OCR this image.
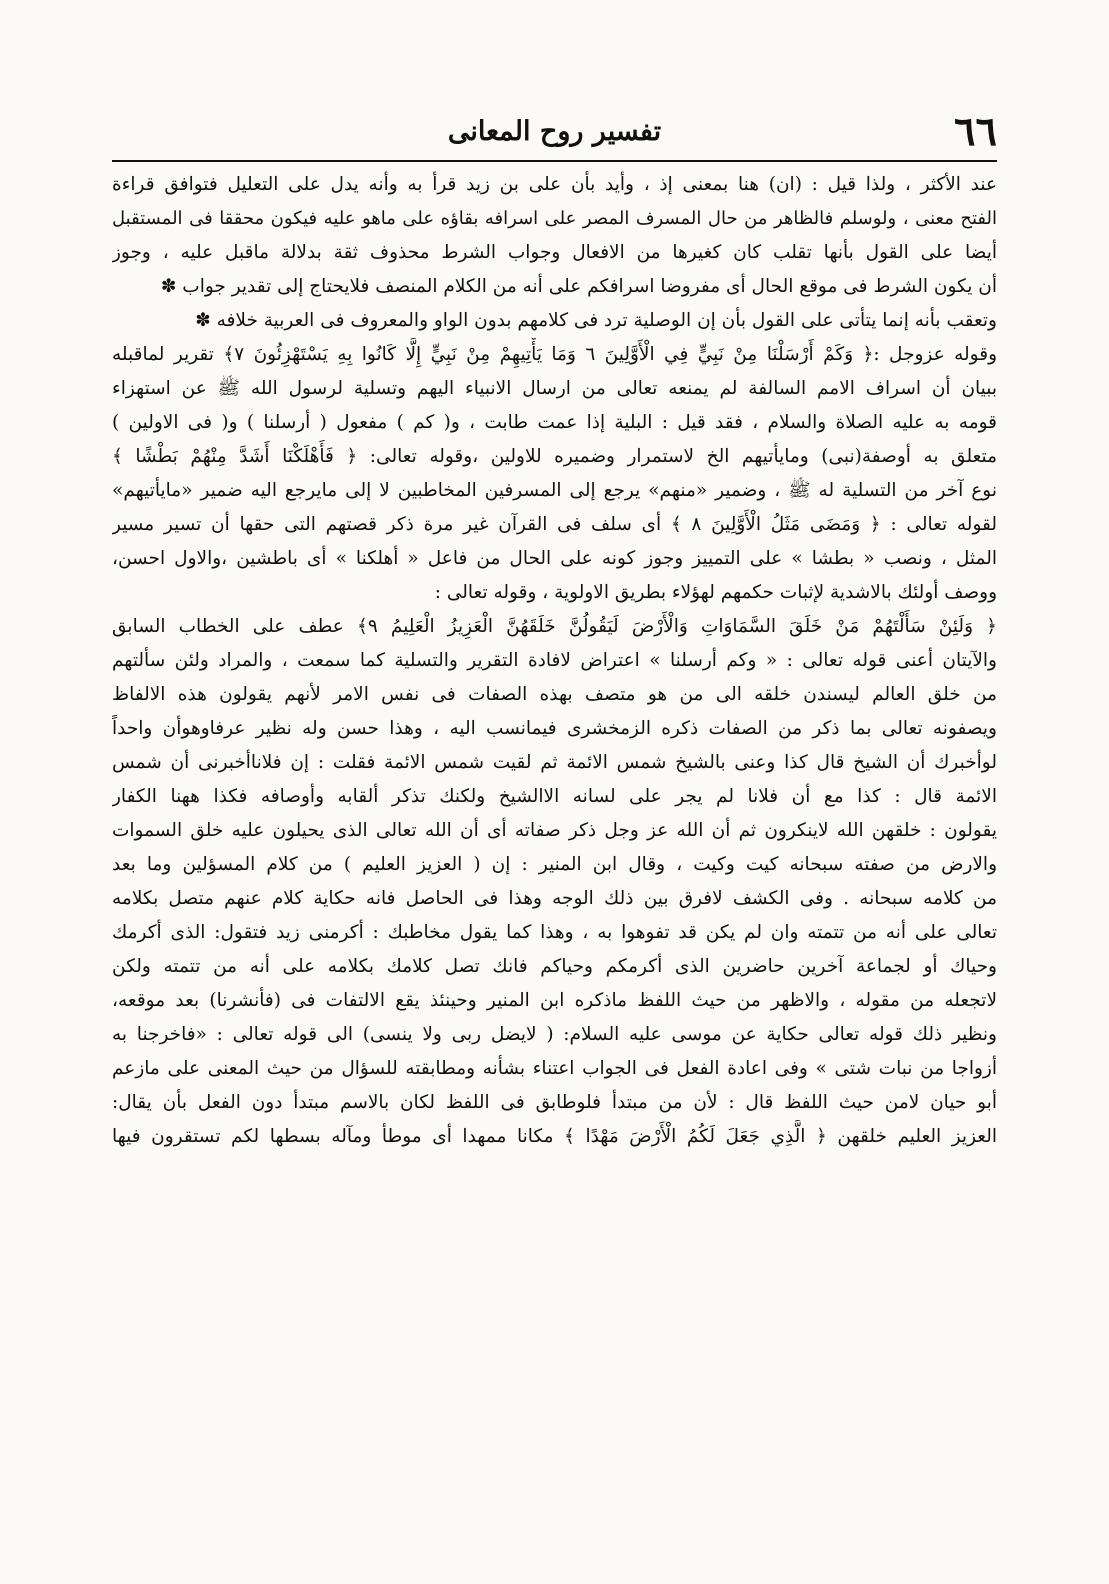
٦٦
تفسير روح المعانى
عند الأكثر ، ولذا قيل : (ان) هنا بمعنى إذ ، وأيد بأن على بن زيد قرأ به وأنه يدل على التعليل فتوافق قراءة
الفتح معنى ، ولوسلم فالظاهر من حال المسرف المصر على اسرافه بقاؤه على ماهو عليه فيكون محققا فى المستقبل
أيضا على القول بأنها تقلب كان كغيرها من الافعال وجواب الشرط محذوف ثقة بدلالة ماقبل عليه ، وجوز
أن يكون الشرط فى موقع الحال أى مفروضا اسرافكم على أنه من الكلام المنصف فلايحتاج إلى تقدير جواب ✽
وتعقب بأنه إنما يتأتى على القول بأن إن الوصلية ترد فى كلامهم بدون الواو والمعروف فى العربية خلافه ✽
وقوله عزوجل :﴿ وَكَمْ أَرْسَلْنَا مِنْ نَبِيٍّ فِي الْأَوَّلِينَ ٦ وَمَا يَأْتِيهِمْ مِنْ نَبِيٍّ إِلَّا كَانُوا بِهِ يَسْتَهْزِئُونَ ٧﴾ تقرير لماقبله
ببيان أن اسراف الامم السالفة لم يمنعه تعالى من ارسال الانبياء اليهم وتسلية لرسول الله ﷺ عن استهزاء
قومه به عليه الصلاة والسلام ، فقد قيل : البلية إذا عمت طابت ، و( كم ) مفعول ( أرسلنا ) و( فى الاولين )
متعلق به أوصفة(نبى) ومايأتيهم الخ لاستمرار وضميره للاولين ،وقوله تعالى: ﴿ فَأَهْلَكْنَا أَشَدَّ مِنْهُمْ بَطْشًا ﴾
نوع آخر من التسلية له ﷺ ، وضمير «منهم» يرجع إلى المسرفين المخاطبين لا إلى مايرجع اليه ضمير «مايأتيهم»
لقوله تعالى : ﴿ وَمَضَى مَثَلُ الْأَوَّلِينَ ٨ ﴾ أى سلف فى القرآن غير مرة ذكر قصتهم التى حقها أن تسير مسير
المثل ، ونصب « بطشا » على التمييز وجوز كونه على الحال من فاعل « أهلكنا » أى باطشين ،والاول احسن،
ووصف أولئك بالاشدية لإثبات حكمهم لهؤلاء بطريق الاولوية ، وقوله تعالى :
﴿ وَلَئِنْ سَأَلْتَهُمْ مَنْ خَلَقَ السَّمَاوَاتِ وَالْأَرْضَ لَيَقُولُنَّ خَلَقَهُنَّ الْعَزِيزُ الْعَلِيمُ ٩﴾ عطف على الخطاب السابق
والآيتان أعنى قوله تعالى : « وكم أرسلنا » اعتراض لافادة التقرير والتسلية كما سمعت ، والمراد ولئن سألتهم
من خلق العالم ليسندن خلقه الى من هو متصف بهذه الصفات فى نفس الامر لأنهم يقولون هذه الالفاظ
ويصفونه تعالى بما ذكر من الصفات ذكره الزمخشرى فيمانسب اليه ، وهذا حسن وله نظير عرفاوهوأن واحداً
لوأخبرك أن الشيخ قال كذا وعنى بالشيخ شمس الائمة ثم لقيت شمس الائمة فقلت : إن فلاناأخبرنى أن شمس
الائمة قال : كذا مع أن فلانا لم يجر على لسانه الاالشيخ ولكنك تذكر ألقابه وأوصافه فكذا ههنا الكفار
يقولون : خلقهن الله لاينكرون ثم أن الله عز وجل ذكر صفاته أى أن الله تعالى الذى يحيلون عليه خلق السموات
والارض من صفته سبحانه كيت وكيت ، وقال ابن المنير : إن ( العزيز العليم ) من كلام المسؤلين وما بعد
من كلامه سبحانه . وفى الكشف لافرق بين ذلك الوجه وهذا فى الحاصل فانه حكاية كلام عنهم متصل بكلامه
تعالى على أنه من تتمته وان لم يكن قد تفوهوا به ، وهذا كما يقول مخاطبك : أكرمنى زيد فتقول: الذى أكرمك
وحياك أو لجماعة آخرين حاضرين الذى أكرمكم وحياكم فانك تصل كلامك بكلامه على أنه من تتمته ولكن
لاتجعله من مقوله ، والاظهر من حيث اللفظ ماذكره ابن المنير وحينئذ يقع الالتفات فى (فأنشرنا) بعد موقعه،
ونظير ذلك قوله تعالى حكاية عن موسى عليه السلام: ( لايضل ربى ولا ينسى) الى قوله تعالى : «فاخرجنا به
أزواجا من نبات شتى » وفى اعادة الفعل فى الجواب اعتناء بشأنه ومطابقته للسؤال من حيث المعنى على مازعم
أبو حيان لامن حيث اللفظ قال : لأن من مبتدأ فلوطابق فى اللفظ لكان بالاسم مبتدأ دون الفعل بأن يقال:
العزيز العليم خلقهن ﴿ الَّذِي جَعَلَ لَكُمُ الْأَرْضَ مَهْدًا ﴾ مكانا ممهدا أى موطأ ومآله بسطها لكم تستقرون فيها
